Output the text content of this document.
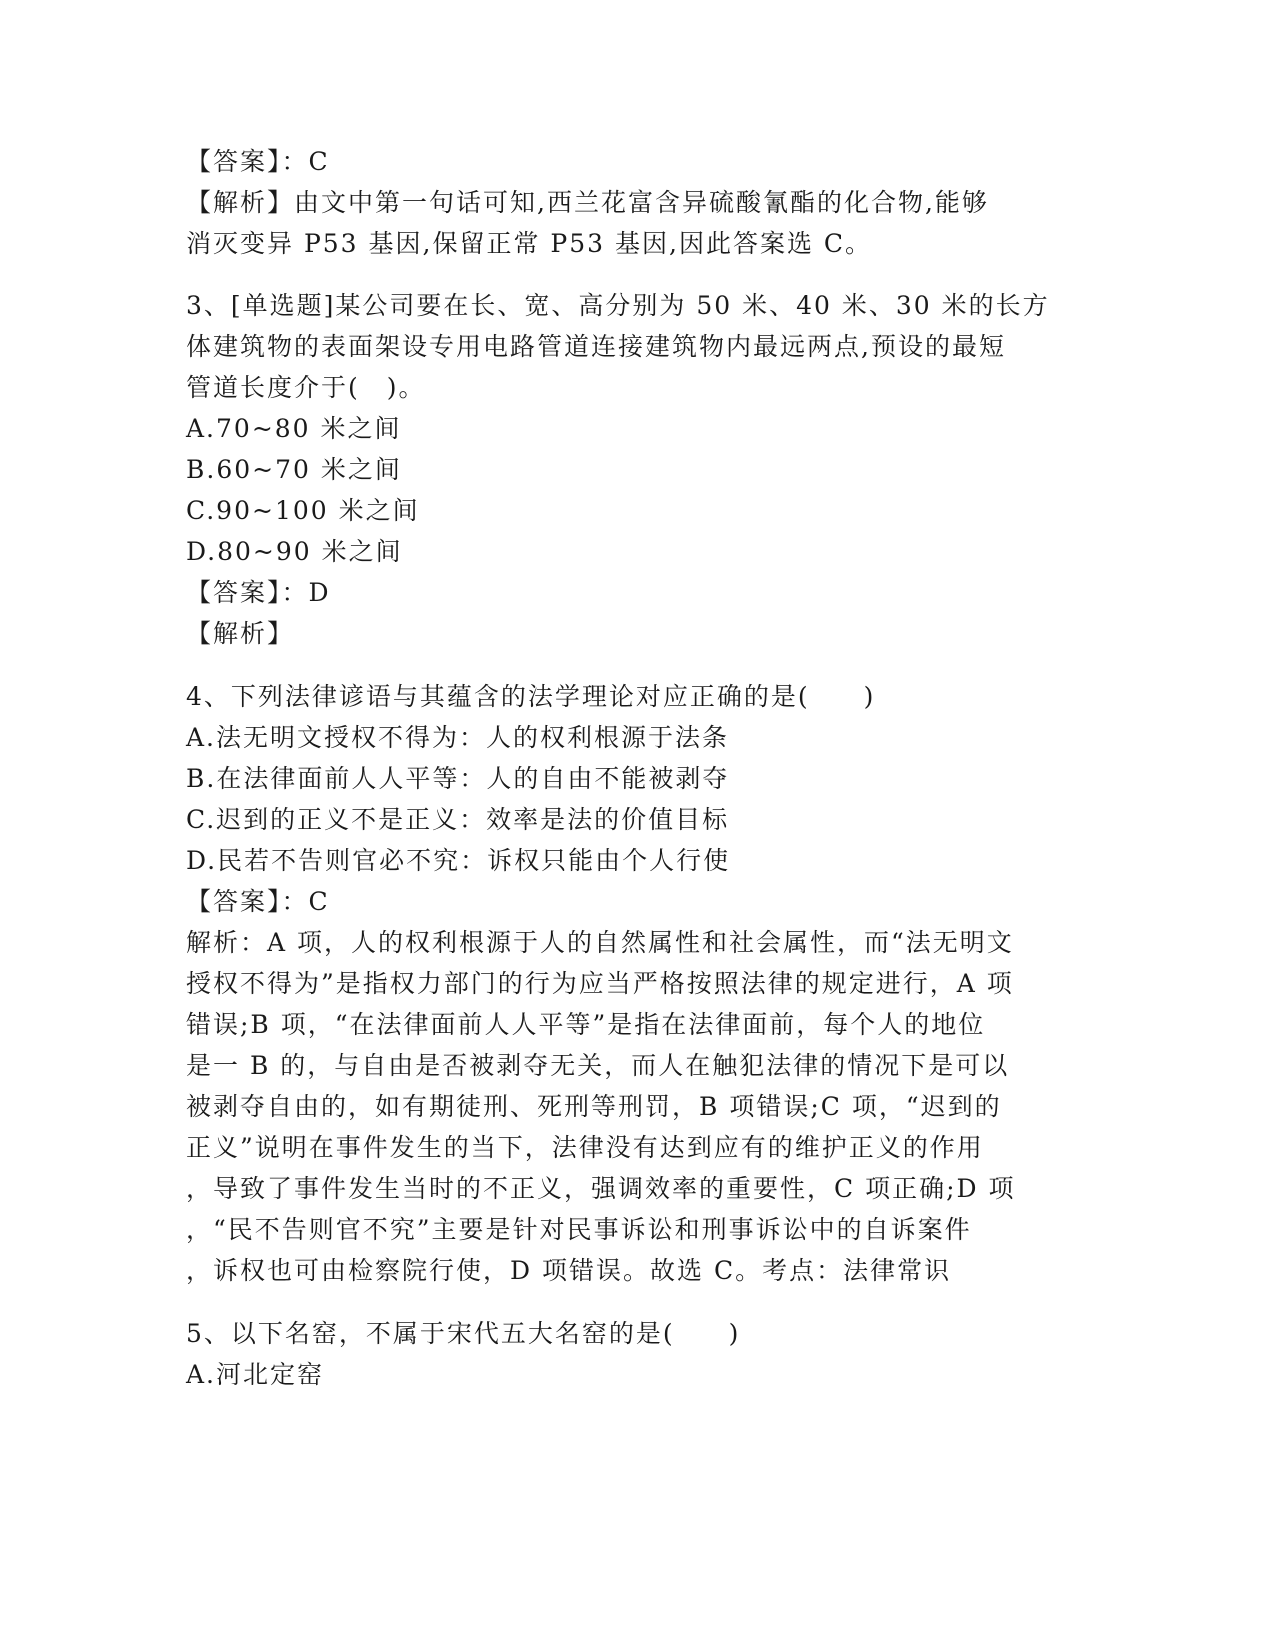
【答案】：C
【解析】由文中第一句话可知,西兰花富含异硫酸氰酯的化合物,能够
消灭变异 P53 基因,保留正常 P53 基因,因此答案选 C。
3、[单选题]某公司要在长、宽、高分别为 50 米、40 米、30 米的长方
体建筑物的表面架设专用电路管道连接建筑物内最远两点,预设的最短
管道长度介于(　)。
A.70~80 米之间
B.60~70 米之间
C.90~100 米之间
D.80~90 米之间
【答案】：D
【解析】
4、下列法律谚语与其蕴含的法学理论对应正确的是(　　)
A.法无明文授权不得为：人的权利根源于法条
B.在法律面前人人平等：人的自由不能被剥夺
C.迟到的正义不是正义：效率是法的价值目标
D.民若不告则官必不究：诉权只能由个人行使
【答案】：C
解析：A 项，人的权利根源于人的自然属性和社会属性，而“法无明文
授权不得为”是指权力部门的行为应当严格按照法律的规定进行，A 项
错误;B 项，“在法律面前人人平等”是指在法律面前，每个人的地位
是一 B 的，与自由是否被剥夺无关，而人在触犯法律的情况下是可以
被剥夺自由的，如有期徒刑、死刑等刑罚，B 项错误;C 项，“迟到的
正义”说明在事件发生的当下，法律没有达到应有的维护正义的作用
，导致了事件发生当时的不正义，强调效率的重要性，C 项正确;D 项
，“民不告则官不究”主要是针对民事诉讼和刑事诉讼中的自诉案件
，诉权也可由检察院行使，D 项错误。故选 C。考点：法律常识
5、以下名窑，不属于宋代五大名窑的是(　　)
A.河北定窑
